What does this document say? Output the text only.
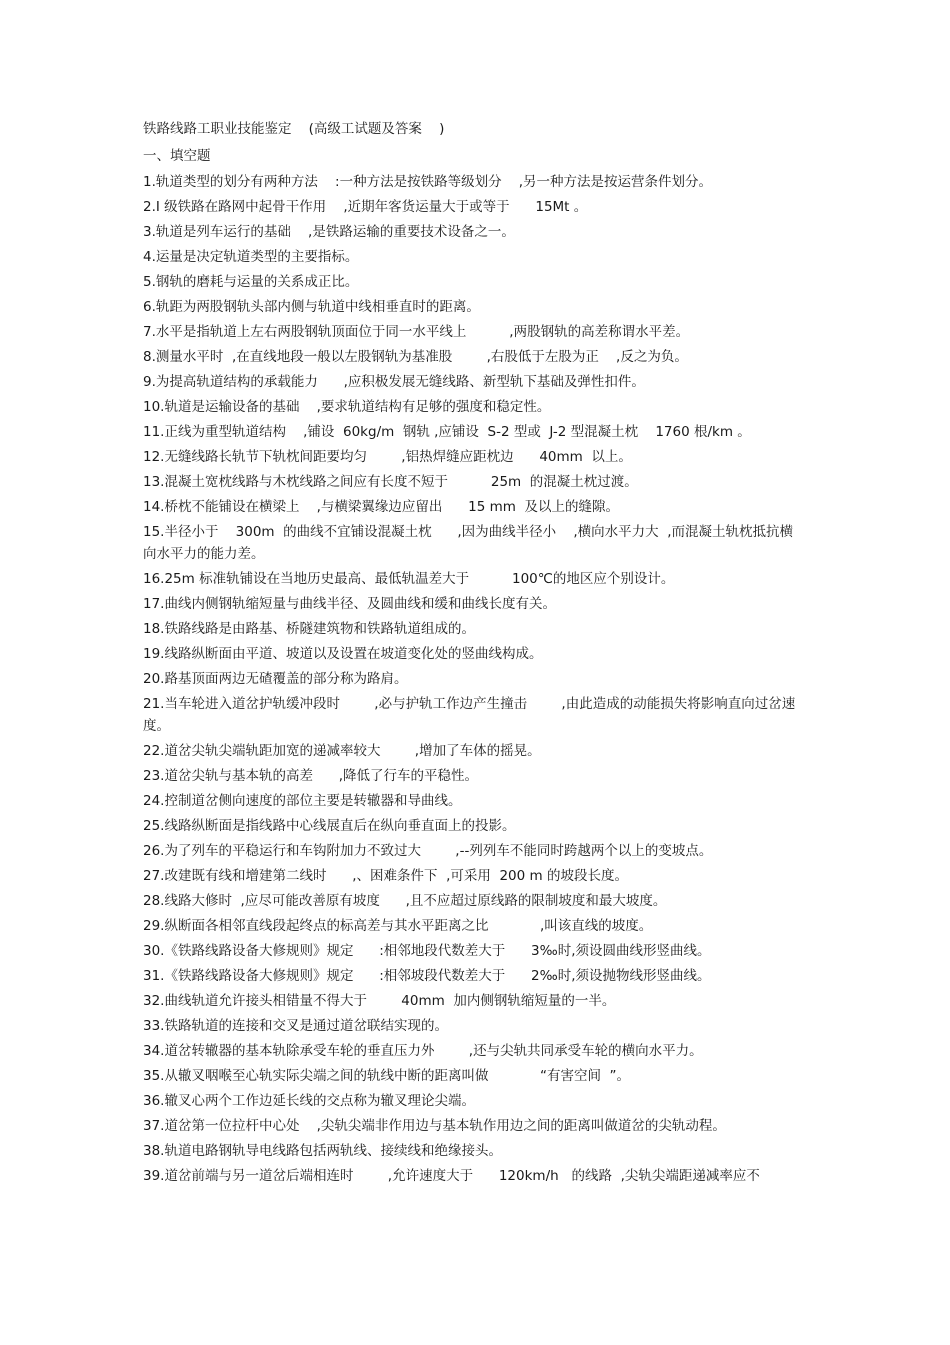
铁路线路工职业技能鉴定    (高级工试题及答案    )
一、填空题
1.轨道类型的划分有两种方法    :一种方法是按铁路等级划分    ,另一种方法是按运营条件划分。
2.I 级铁路在路网中起骨干作用    ,近期年客货运量大于或等于      15Mt 。
3.轨道是列车运行的基础    ,是铁路运输的重要技术设备之一。
4.运量是决定轨道类型的主要指标。
5.钢轨的磨耗与运量的关系成正比。
6.轨距为两股钢轨头部内侧与轨道中线相垂直时的距离。
7.水平是指轨道上左右两股钢轨顶面位于同一水平线上          ,两股钢轨的高差称谓水平差。
8.测量水平时  ,在直线地段一般以左股钢轨为基准股        ,右股低于左股为正    ,反之为负。
9.为提高轨道结构的承载能力      ,应积极发展无缝线路、新型轨下基础及弹性扣件。
10.轨道是运输设备的基础    ,要求轨道结构有足够的强度和稳定性。
11.正线为重型轨道结构    ,铺设  60kg/m  钢轨 ,应铺设  S-2 型或  J-2 型混凝土枕    1760 根/km 。
12.无缝线路长轨节下轨枕间距要均匀        ,铝热焊缝应距枕边      40mm  以上。
13.混凝土宽枕线路与木枕线路之间应有长度不短于          25m  的混凝土枕过渡。
14.桥枕不能铺设在横梁上    ,与横梁翼缘边应留出      15 mm  及以上的缝隙。
15.半径小于    300m  的曲线不宜铺设混凝土枕      ,因为曲线半径小    ,横向水平力大  ,而混凝土轨枕抵抗横向水平力的能力差。
16.25m 标准轨铺设在当地历史最高、最低轨温差大于          100℃的地区应个别设计。
17.曲线内侧钢轨缩短量与曲线半径、及圆曲线和缓和曲线长度有关。
18.铁路线路是由路基、桥隧建筑物和铁路轨道组成的。
19.线路纵断面由平道、坡道以及设置在坡道变化处的竖曲线构成。
20.路基顶面两边无碴覆盖的部分称为路肩。
21.当车轮进入道岔护轨缓冲段时        ,必与护轨工作边产生撞击        ,由此造成的动能损失将影响直向过岔速度。
22.道岔尖轨尖端轨距加宽的递减率较大        ,增加了车体的摇晃。
23.道岔尖轨与基本轨的高差      ,降低了行车的平稳性。
24.控制道岔侧向速度的部位主要是转辙器和导曲线。
25.线路纵断面是指线路中心线展直后在纵向垂直面上的投影。
26.为了列车的平稳运行和车钩附加力不致过大        ,--列列车不能同时跨越两个以上的变坡点。
27.改建既有线和增建第二线时      ,、困难条件下  ,可采用  200 m 的坡段长度。
28.线路大修时  ,应尽可能改善原有坡度      ,且不应超过原线路的限制坡度和最大坡度。
29.纵断面各相邻直线段起终点的标高差与其水平距离之比            ,叫该直线的坡度。
30.《铁路线路设备大修规则》规定      :相邻地段代数差大于      3‰时,须设圆曲线形竖曲线。
31.《铁路线路设备大修规则》规定      :相邻坡段代数差大于      2‰时,须设抛物线形竖曲线。
32.曲线轨道允许接头相错量不得大于        40mm  加内侧钢轨缩短量的一半。
33.铁路轨道的连接和交叉是通过道岔联结实现的。
34.道岔转辙器的基本轨除承受车轮的垂直压力外        ,还与尖轨共同承受车轮的横向水平力。
35.从辙叉咽喉至心轨实际尖端之间的轨线中断的距离叫做            “有害空间  ”。
36.辙叉心两个工作边延长线的交点称为辙叉理论尖端。
37.道岔第一位拉杆中心处    ,尖轨尖端非作用边与基本轨作用边之间的距离叫做道岔的尖轨动程。
38.轨道电路钢轨导电线路包括两轨线、接续线和绝缘接头。
39.道岔前端与另一道岔后端相连时        ,允许速度大于      120km/h   的线路  ,尖轨尖端距递减率应不
